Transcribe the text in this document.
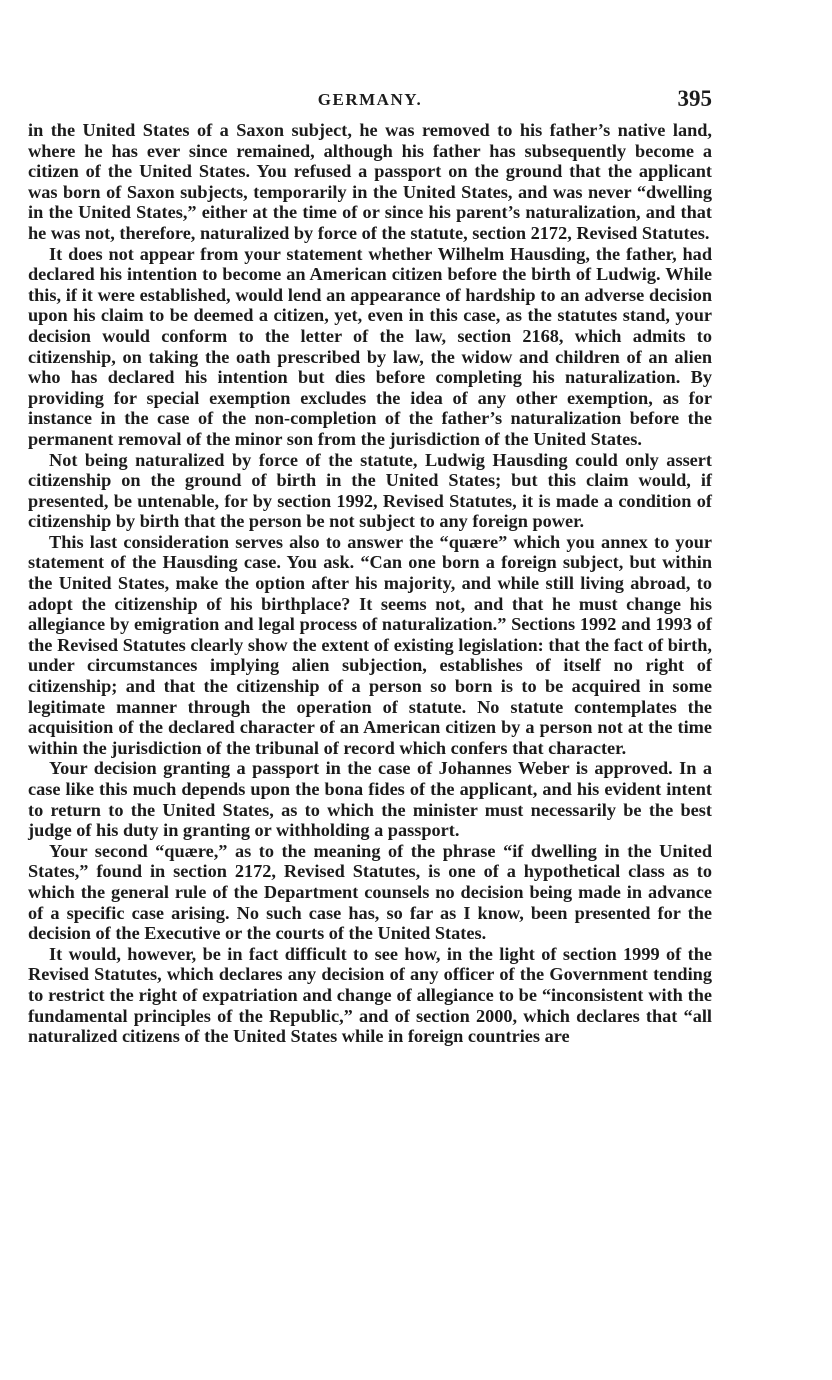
GERMANY.	395

in the United States of a Saxon subject, he was removed to his father’s native land, where he has ever since remained, although his father has subsequently become a citizen of the United States. You refused a passport on the ground that the applicant was born of Saxon subjects, temporarily in the United States, and was never “dwelling in the United States,” either at the time of or since his parent’s naturalization, and that he was not, therefore, naturalized by force of the statute, section 2172, Revised Statutes.

It does not appear from your statement whether Wilhelm Hausding, the father, had declared his intention to become an American citizen before the birth of Ludwig. While this, if it were established, would lend an appearance of hardship to an adverse decision upon his claim to be deemed a citizen, yet, even in this case, as the statutes stand, your decision would conform to the letter of the law, section 2168, which admits to citizenship, on taking the oath prescribed by law, the widow and children of an alien who has declared his intention but dies before completing his naturalization. By providing for special exemption excludes the idea of any other exemption, as for instance in the case of the non-completion of the father’s naturalization before the permanent removal of the minor son from the jurisdiction of the United States.

Not being naturalized by force of the statute, Ludwig Hausding could only assert citizenship on the ground of birth in the United States; but this claim would, if presented, be untenable, for by section 1992, Revised Statutes, it is made a condition of citizenship by birth that the person be not subject to any foreign power.

This last consideration serves also to answer the “quære” which you annex to your statement of the Hausding case. You ask. “Can one born a foreign subject, but within the United States, make the option after his majority, and while still living abroad, to adopt the citizenship of his birthplace? It seems not, and that he must change his allegiance by emigration and legal process of naturalization.” Sections 1992 and 1993 of the Revised Statutes clearly show the extent of existing legislation: that the fact of birth, under circumstances implying alien subjection, establishes of itself no right of citizenship; and that the citizenship of a person so born is to be acquired in some legitimate manner through the operation of statute. No statute contemplates the acquisition of the declared character of an American citizen by a person not at the time within the jurisdiction of the tribunal of record which confers that character.

Your decision granting a passport in the case of Johannes Weber is approved. In a case like this much depends upon the bona fides of the applicant, and his evident intent to return to the United States, as to which the minister must necessarily be the best judge of his duty in granting or withholding a passport.

Your second “quære,” as to the meaning of the phrase “if dwelling in the United States,” found in section 2172, Revised Statutes, is one of a hypothetical class as to which the general rule of the Department counsels no decision being made in advance of a specific case arising. No such case has, so far as I know, been presented for the decision of the Executive or the courts of the United States.

It would, however, be in fact difficult to see how, in the light of section 1999 of the Revised Statutes, which declares any decision of any officer of the Government tending to restrict the right of expatriation and change of allegiance to be “inconsistent with the fundamental principles of the Republic,” and of section 2000, which declares that “all naturalized citizens of the United States while in foreign countries are
